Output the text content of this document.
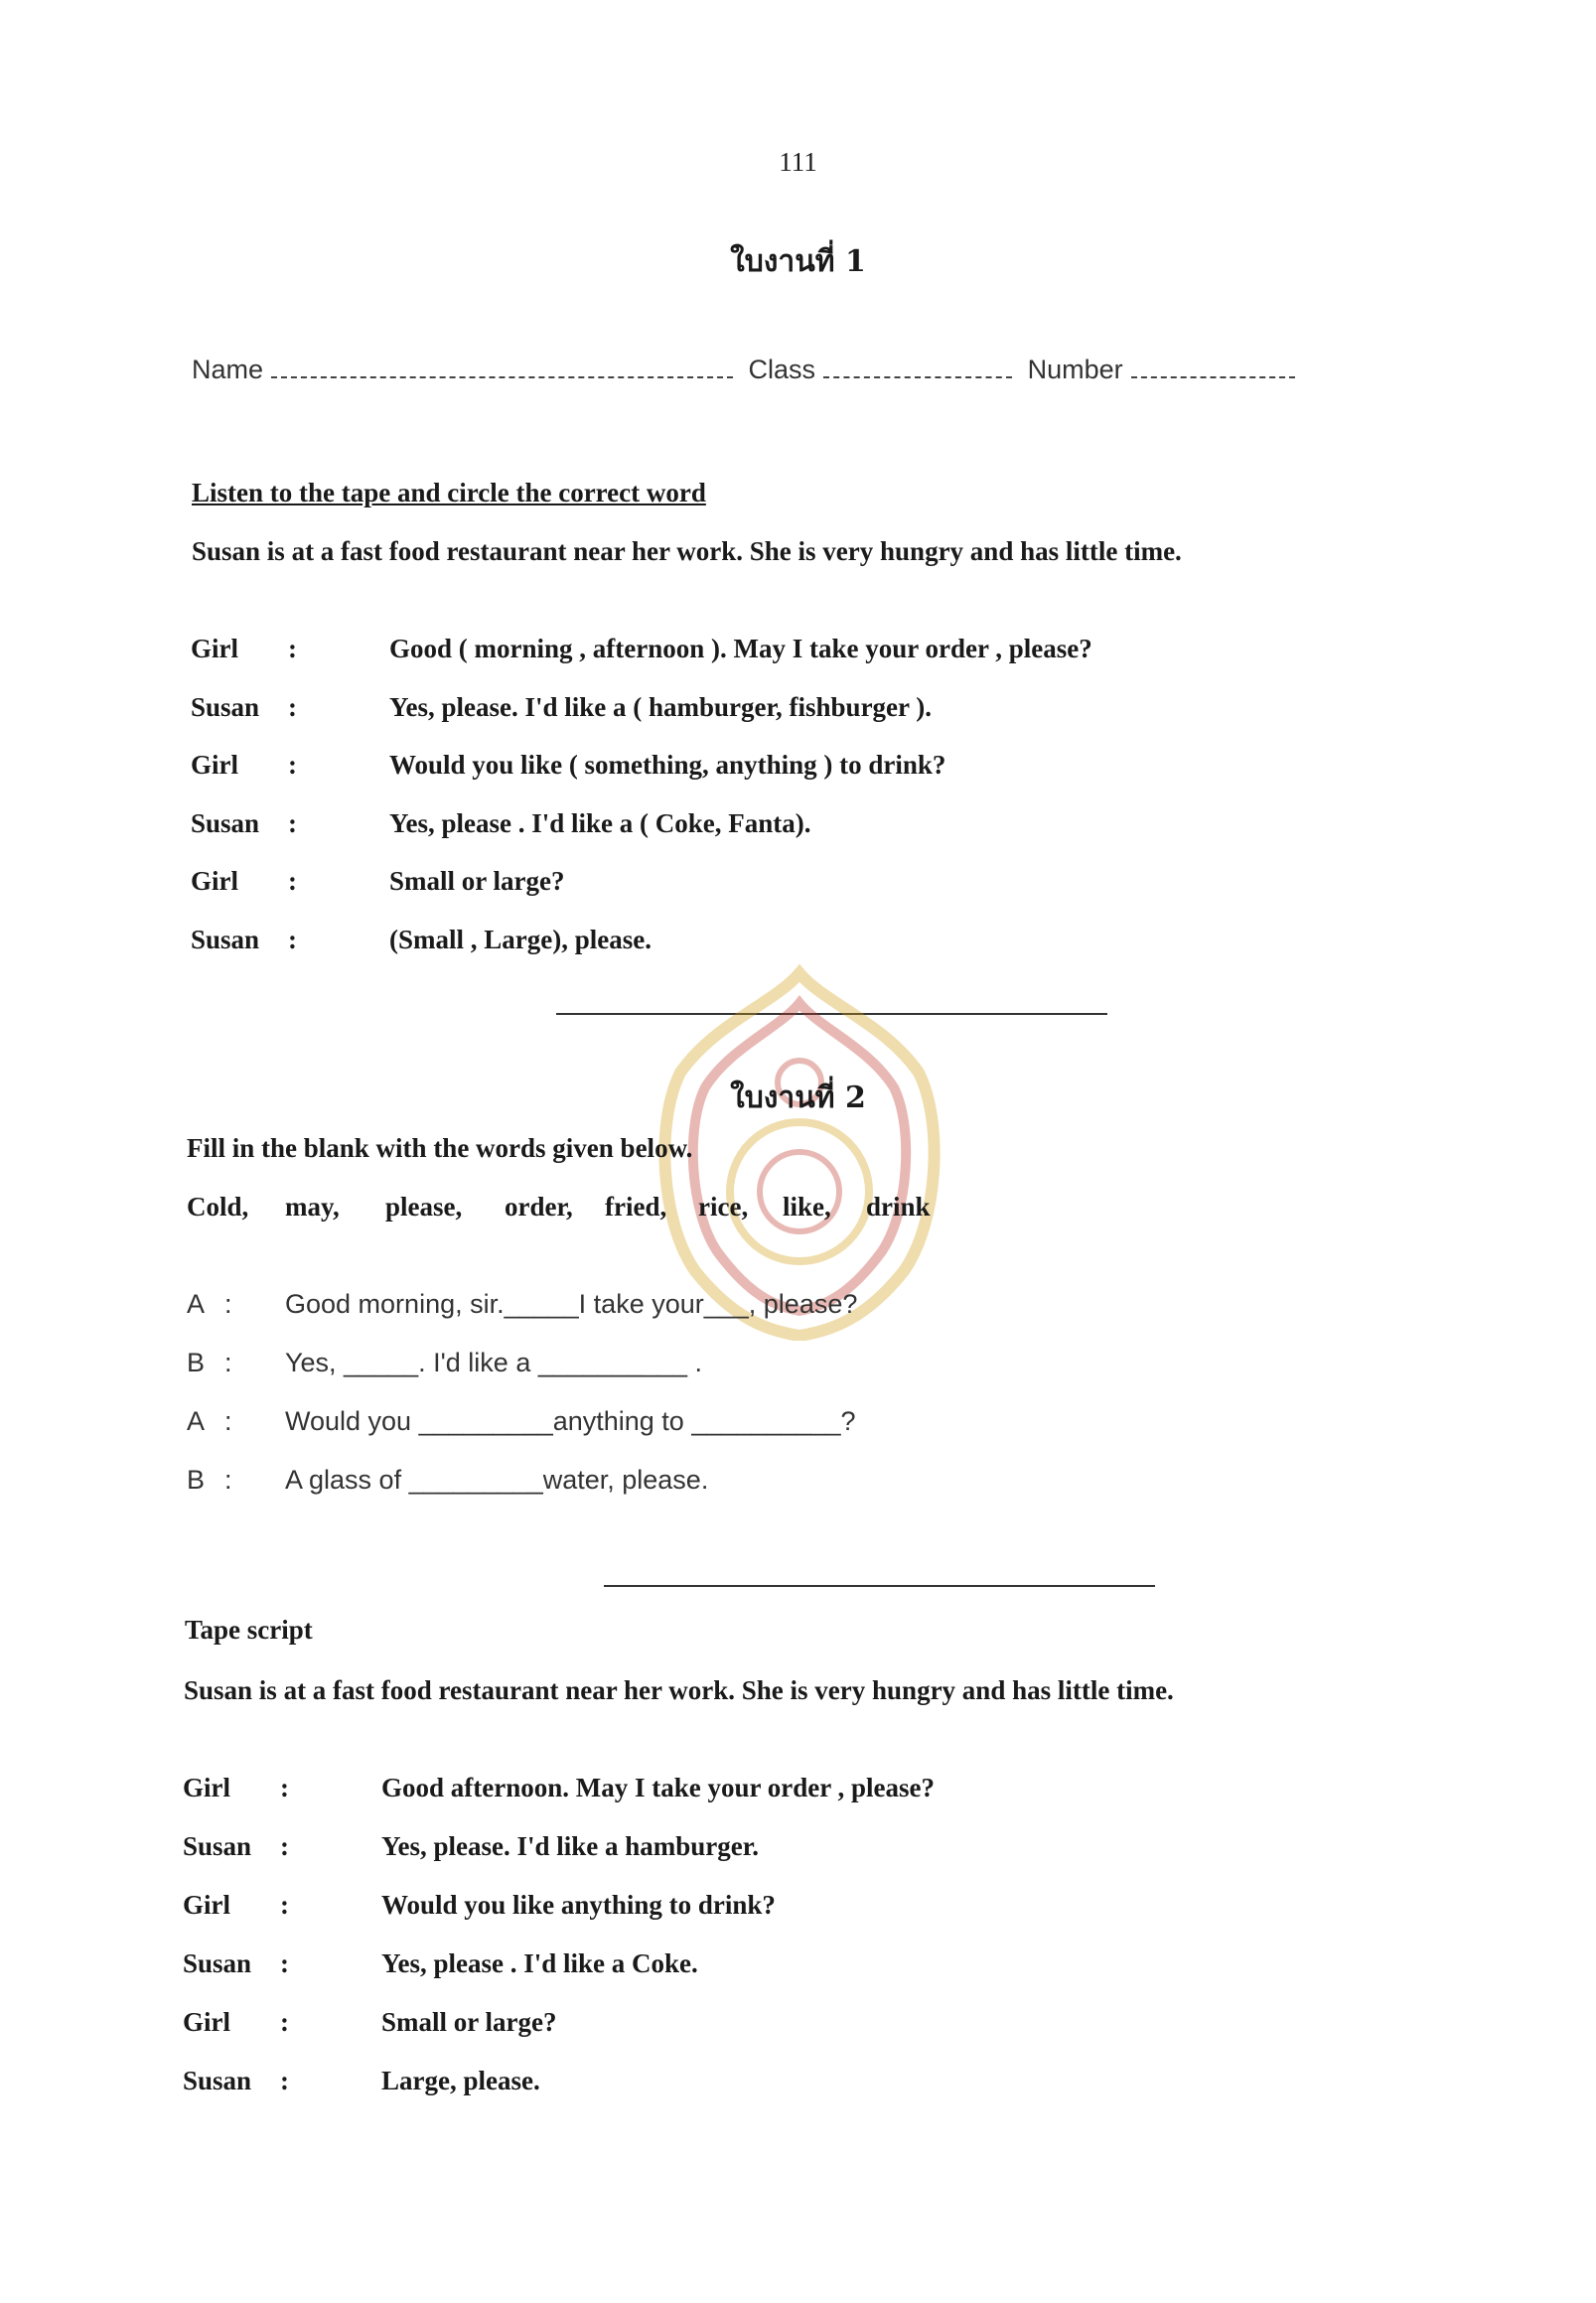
111
ใบงานที่ 1
Name	Class	Number
Listen to the tape and circle the correct word
Susan is at a fast food restaurant near her work. She is very hungry and has little time.
Girl :	Good ( morning , afternoon ). May I take your order , please?
Susan :	Yes, please. I'd like a ( hamburger, fishburger ).
Girl :	Would you like ( something, anything ) to drink?
Susan :	Yes, please . I'd like a ( Coke, Fanta).
Girl :	Small or large?
Susan :	(Small , Large), please.
ใบงานที่ 2
Fill in the blank with the words given below.
Cold, may, please, order, fried, rice, like, drink
A : Good morning, sir._____I take your___, please?
B : Yes, _____. I'd like a __________ .
A : Would you _________anything to __________?
B : A glass of _________water, please.
Tape script
Susan is at a fast food restaurant near her work. She is very hungry and has little time.
Girl :	Good afternoon. May I take your order , please?
Susan :	Yes, please. I'd like a hamburger.
Girl :	Would you like anything to drink?
Susan :	Yes, please . I'd like a Coke.
Girl :	Small or large?
Susan :	Large, please.
